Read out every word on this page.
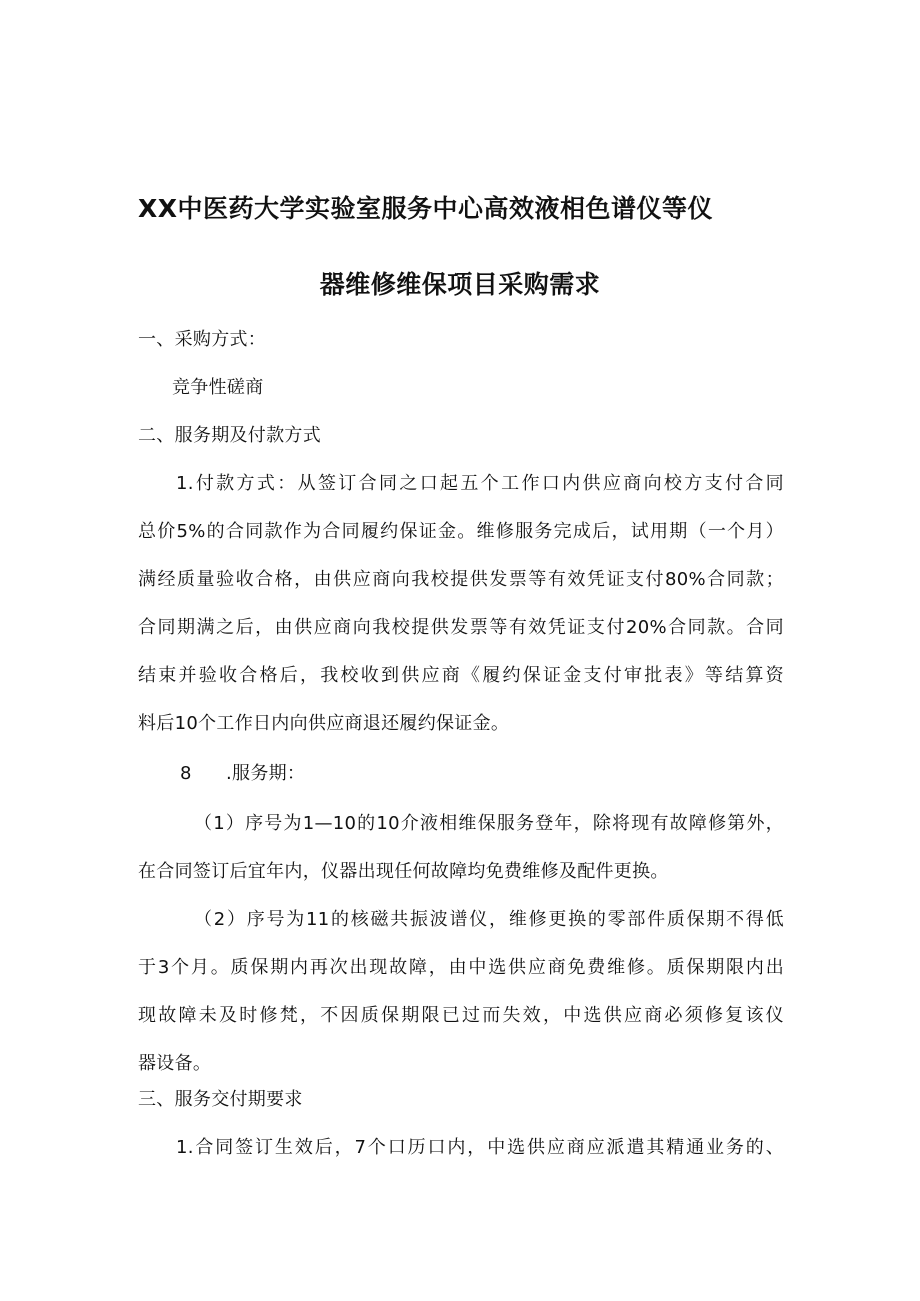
XX中医药大学实验室服务中心高效液相色谱仪等仪
器维修维保项目采购需求
一、采购方式：
竞争性磋商
二、服务期及付款方式
1.付款方式：从签订合同之口起五个工作口内供应商向校方支付合同
总价5%的合同款作为合同履约保证金。维修服务完成后，试用期（一个月）
满经质量验收合格，由供应商向我校提供发票等有效凭证支付80%合同款；
合同期满之后，由供应商向我校提供发票等有效凭证支付20%合同款。合同
结束并验收合格后，我校收到供应商《履约保证金支付审批表》等结算资
料后10个工作日内向供应商退还履约保证金。
8 .服务期：
（1）序号为1—10的10介液相维保服务登年，除将现有故障修第外，
在合同签订后宜年内，仪器出现任何故障均免费维修及配件更换。
（2）序号为11的核磁共振波谱仪，维修更换的零部件质保期不得低
于3个月。质保期内再次出现故障，由中选供应商免费维修。质保期限内出
现故障未及时修梵，不因质保期限已过而失效，中选供应商必须修复该仪
器设备。
三、服务交付期要求
1.合同签订生效后，7个口历口内，中选供应商应派遣其精通业务的、
